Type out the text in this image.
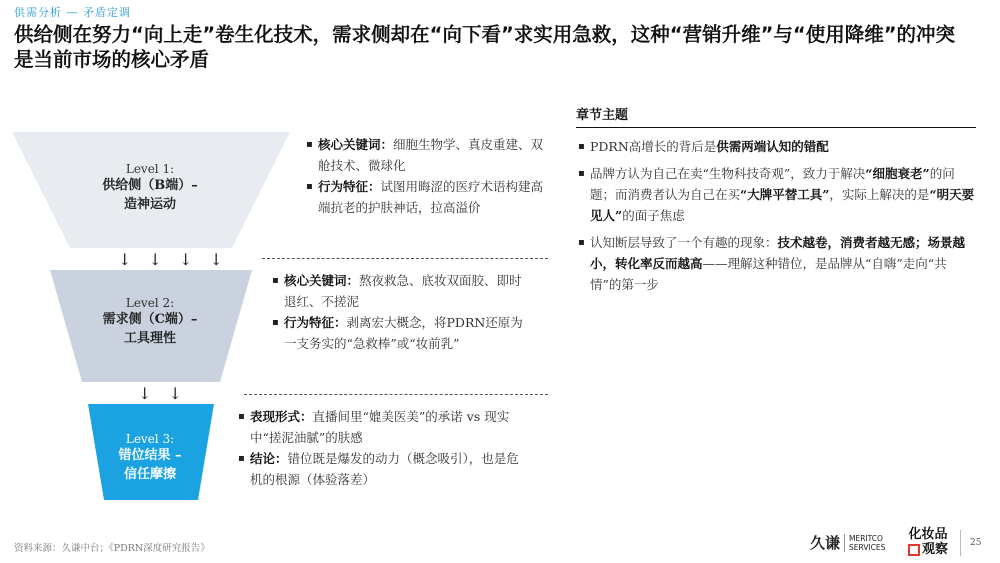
供需分析 — 矛盾定调
供给侧在努力“向上走”卷生化技术，需求侧却在“向下看”求实用急救，这种“营销升维”与“使用降维”的冲突是当前市场的核心矛盾
Level 1:
供给侧（B端）–
造神运动
↓ ↓ ↓ ↓
Level 2:
需求侧（C端）–
工具理性
↓ ↓
Level 3:
错位结果 –
信任摩擦
▪ 核心关键词：细胞生物学、真皮重建、双舱技术、微球化
▪ 行为特征：试图用晦涩的医疗术语构建高端抗老的护肤神话，拉高溢价
▪ 核心关键词：熬夜救急、底妆双面胶、即时退红、不搓泥
▪ 行为特征：剥离宏大概念，将PDRN还原为一支务实的“急救棒”或“妆前乳”
▪ 表现形式：直播间里“媲美医美”的承诺 vs 现实中“搓泥油腻”的肤感
▪ 结论：错位既是爆发的动力（概念吸引），也是危机的根源（体验落差）
章节主题
▪ PDRN高增长的背后是供需两端认知的错配
▪ 品牌方认为自己在卖“生物科技奇观”，致力于解决“细胞衰老”的问题；而消费者认为自己在买“大牌平替工具”，实际上解决的是“明天要见人”的面子焦虑
▪ 认知断层导致了一个有趣的现象：技术越卷，消费者越无感；场景越小，转化率反而越高——理解这种错位，是品牌从“自嗨”走向“共情”的第一步
资料来源：久谦中台；《PDRN深度研究报告》	久谦 MERITCO
SERVICES
化妆品
观察 25
